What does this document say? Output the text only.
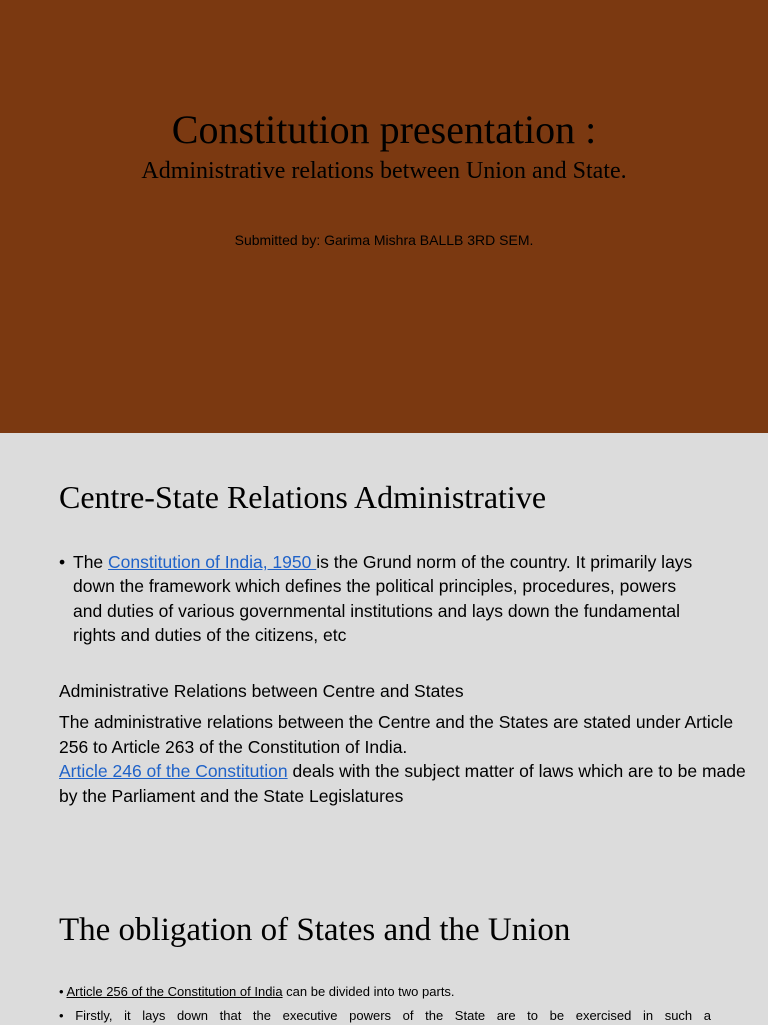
Constitution presentation :
Administrative relations between Union and State.
Submitted by: Garima Mishra BALLB 3RD SEM.
Centre-State Relations Administrative
• The Constitution of India, 1950 is the Grund norm of the country. It primarily lays down the framework which defines the political principles, procedures, powers and duties of various governmental institutions and lays down the fundamental rights and duties of the citizens, etc
Administrative Relations between Centre and States
The administrative relations between the Centre and the States are stated under Article 256 to Article 263 of the Constitution of India.
Article 246 of the Constitution deals with the subject matter of laws which are to be made by the Parliament and the State Legislatures
The obligation of States and the Union
• Article 256 of the Constitution of India can be divided into two parts.
• Firstly, it lays down that the executive powers of the State are to be exercised in such a
